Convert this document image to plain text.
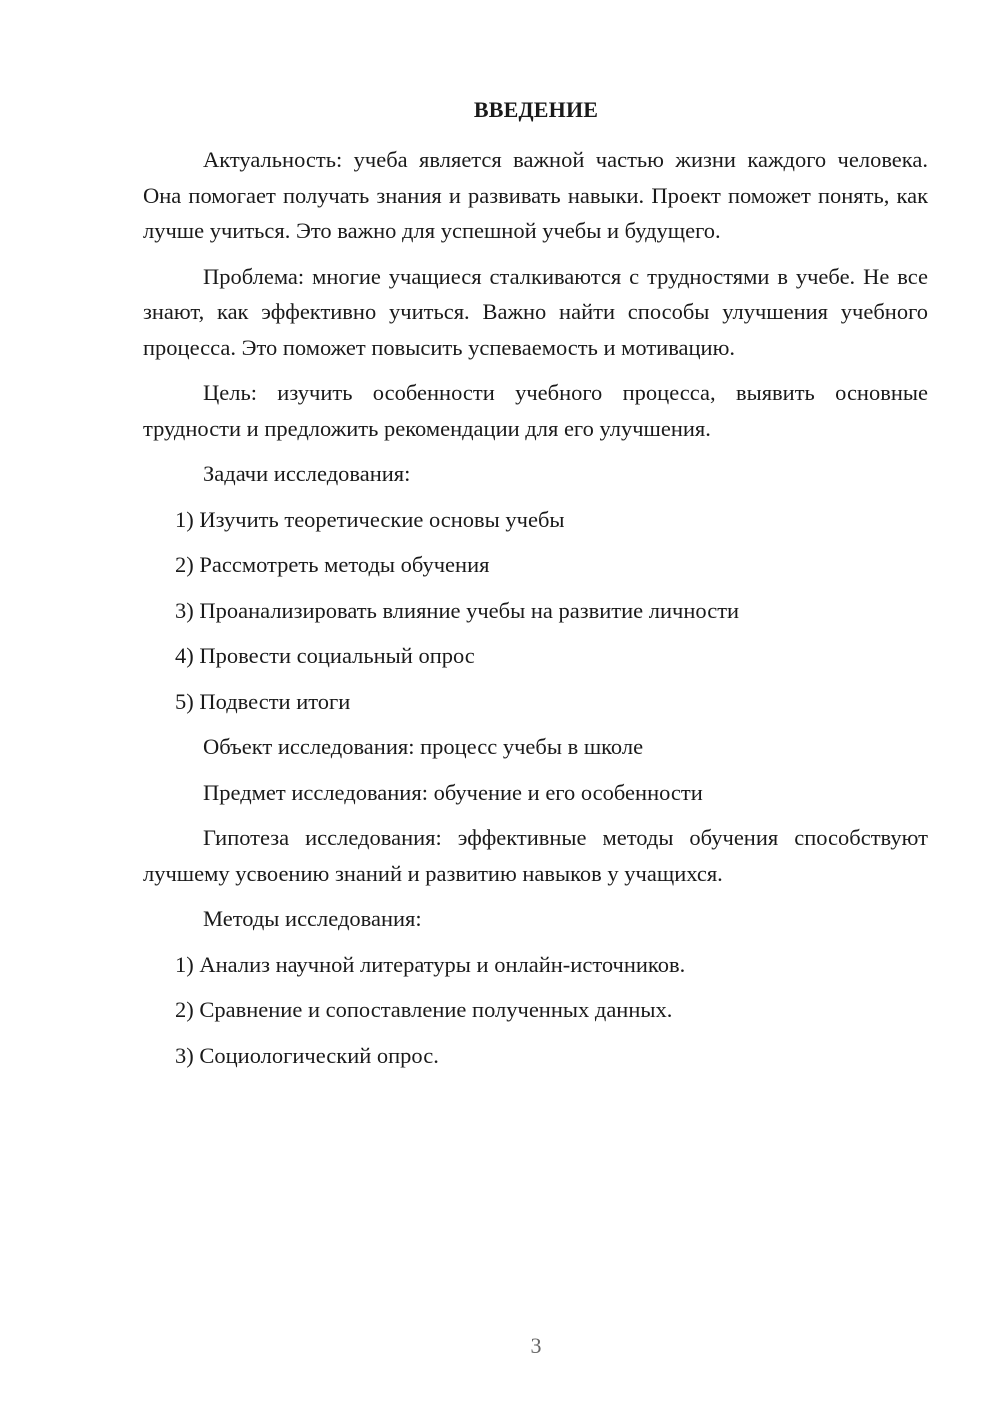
ВВЕДЕНИЕ

Актуальность: учеба является важной частью жизни каждого человека. Она помогает получать знания и развивать навыки. Проект поможет понять, как лучше учиться. Это важно для успешной учебы и будущего.

Проблема: многие учащиеся сталкиваются с трудностями в учебе. Не все знают, как эффективно учиться. Важно найти способы улучшения учебного процесса. Это поможет повысить успеваемость и мотивацию.

Цель: изучить особенности учебного процесса, выявить основные трудности и предложить рекомендации для его улучшения.

Задачи исследования:

1) Изучить теоретические основы учебы

2) Рассмотреть методы обучения

3) Проанализировать влияние учебы на развитие личности

4) Провести социальный опрос

5) Подвести итоги

Объект исследования: процесс учебы в школе

Предмет исследования: обучение и его особенности

Гипотеза исследования: эффективные методы обучения способствуют лучшему усвоению знаний и развитию навыков у учащихся.

Методы исследования:

1) Анализ научной литературы и онлайн-источников.

2) Сравнение и сопоставление полученных данных.

3) Социологический опрос.

3
